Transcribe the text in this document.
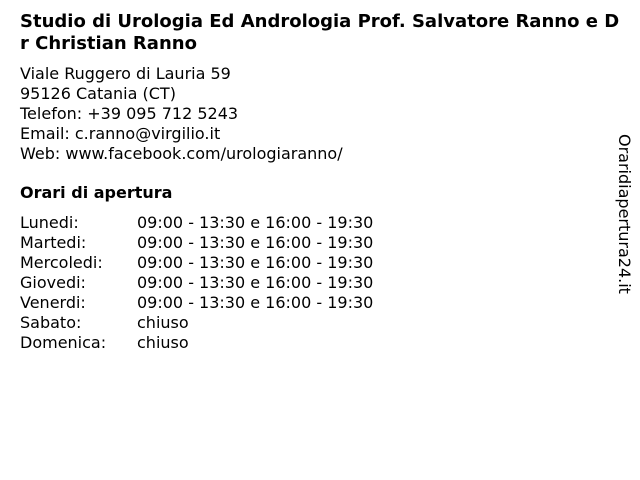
Studio di Urologia Ed Andrologia Prof. Salvatore Ranno e Dr Christian Ranno
Viale Ruggero di Lauria 59
95126 Catania (CT)
Telefon: +39 095 712 5243
Email: c.ranno@virgilio.it
Web: www.facebook.com/urologiaranno/
Orari di apertura
Lunedi:	09:00 - 13:30 e 16:00 - 19:30
Martedi:	09:00 - 13:30 e 16:00 - 19:30
Mercoledi:	09:00 - 13:30 e 16:00 - 19:30
Giovedi:	09:00 - 13:30 e 16:00 - 19:30
Venerdi:	09:00 - 13:30 e 16:00 - 19:30
Sabato:	chiuso
Domenica:	chiuso
Oraridiapertura24.it
